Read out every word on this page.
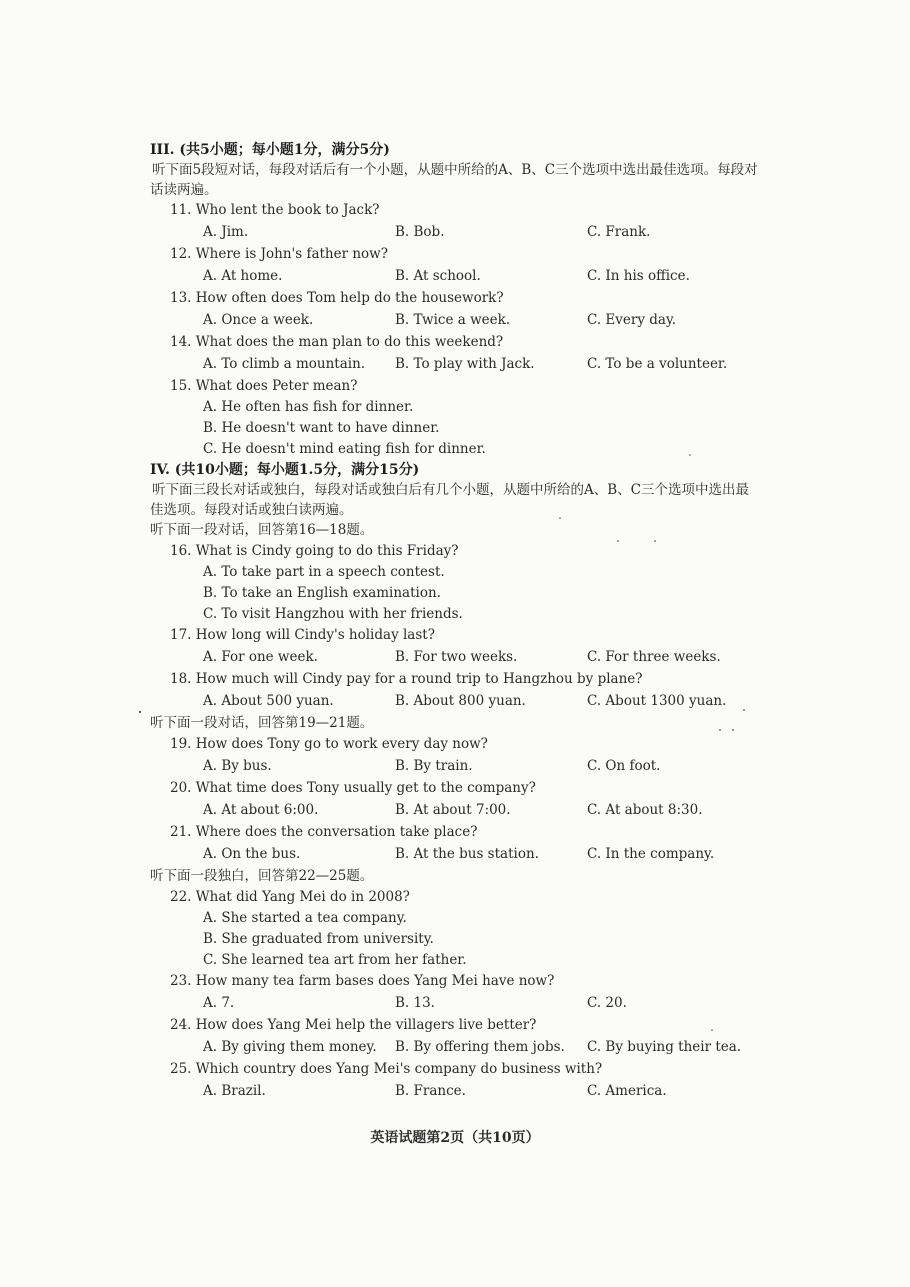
III. (共5小题；每小题1分，满分5分)
听下面5段短对话，每段对话后有一个小题，从题中所给的A、B、C三个选项中选出最佳选项。每段对话读两遍。
11. Who lent the book to Jack?
A. Jim.	B. Bob.	C. Frank.
12. Where is John's father now?
A. At home.	B. At school.	C. In his office.
13. How often does Tom help do the housework?
A. Once a week.	B. Twice a week.	C. Every day.
14. What does the man plan to do this weekend?
A. To climb a mountain. B. To play with Jack.	C. To be a volunteer.
15. What does Peter mean?
A. He often has fish for dinner.
B. He doesn't want to have dinner.
C. He doesn't mind eating fish for dinner.
IV. (共10小题；每小题1.5分，满分15分)
听下面三段长对话或独白，每段对话或独白后有几个小题，从题中所给的A、B、C三个选项中选出最佳选项。每段对话或独白读两遍。
听下面一段对话，回答第16—18题。
16. What is Cindy going to do this Friday?
A. To take part in a speech contest.
B. To take an English examination.
C. To visit Hangzhou with her friends.
17. How long will Cindy's holiday last?
A. For one week.	B. For two weeks.	C. For three weeks.
18. How much will Cindy pay for a round trip to Hangzhou by plane?
A. About 500 yuan.	B. About 800 yuan.	C. About 1300 yuan.
听下面一段对话，回答第19—21题。
19. How does Tony go to work every day now?
A. By bus.	B. By train.	C. On foot.
20. What time does Tony usually get to the company?
A. At about 6:00.	B. At about 7:00.	C. At about 8:30.
21. Where does the conversation take place?
A. On the bus.	B. At the bus station.	C. In the company.
听下面一段独白，回答第22—25题。
22. What did Yang Mei do in 2008?
A. She started a tea company.
B. She graduated from university.
C. She learned tea art from her father.
23. How many tea farm bases does Yang Mei have now?
A. 7.	B. 13.	C. 20.
24. How does Yang Mei help the villagers live better?
A. By giving them money. B. By offering them jobs. C. By buying their tea.
25. Which country does Yang Mei's company do business with?
A. Brazil.	B. France.	C. America.
英语试题第2页（共10页）
